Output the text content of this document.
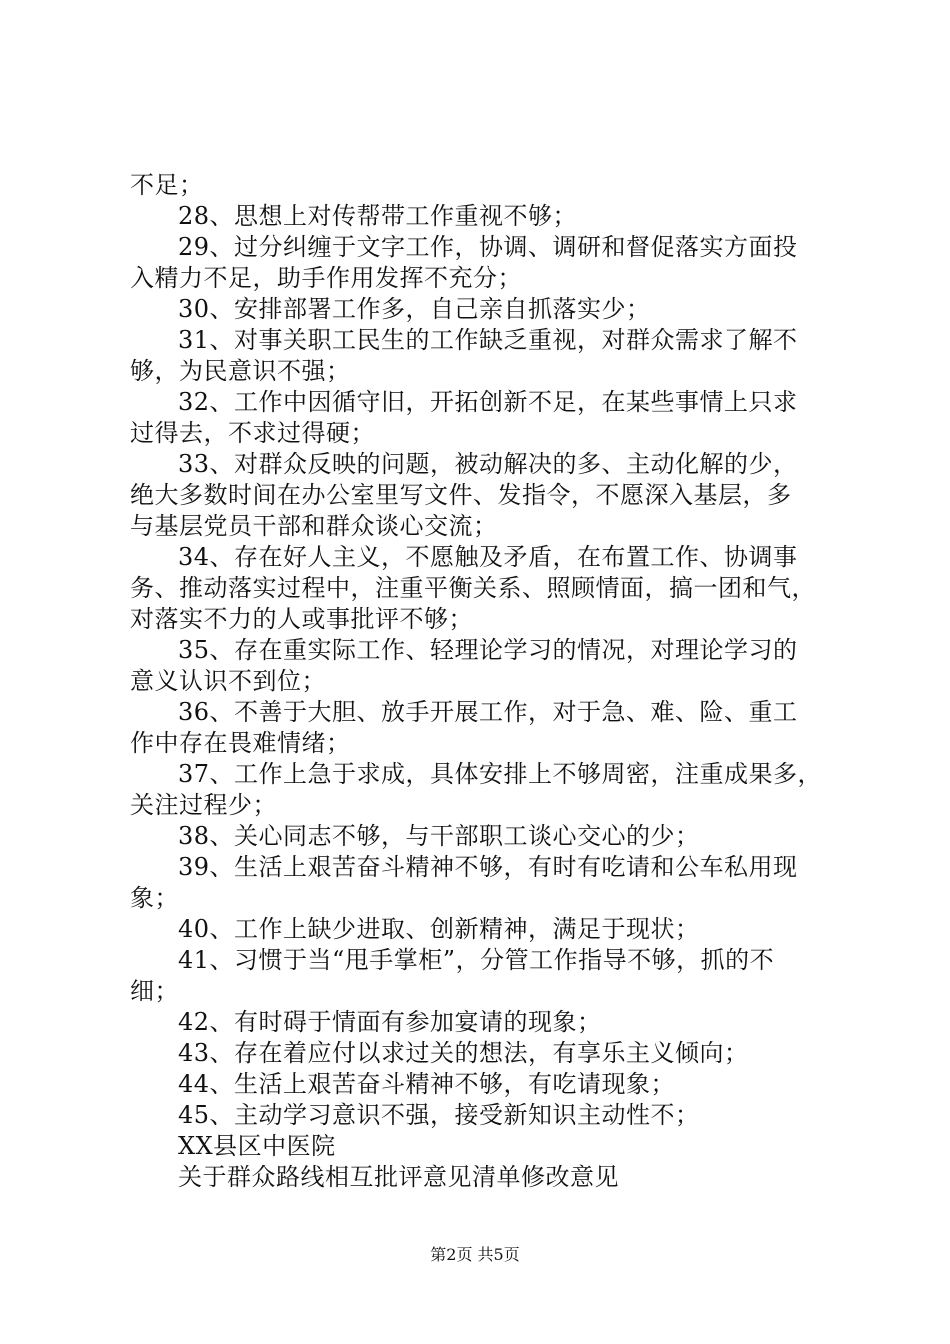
不足；
28、思想上对传帮带工作重视不够；
29、过分纠缠于文字工作，协调、调研和督促落实方面投
入精力不足，助手作用发挥不充分；
30、安排部署工作多，自己亲自抓落实少；
31、对事关职工民生的工作缺乏重视，对群众需求了解不
够，为民意识不强；
32、工作中因循守旧，开拓创新不足，在某些事情上只求
过得去，不求过得硬；
33、对群众反映的问题，被动解决的多、主动化解的少，
绝大多数时间在办公室里写文件、发指令，不愿深入基层，多
与基层党员干部和群众谈心交流；
34、存在好人主义，不愿触及矛盾，在布置工作、协调事
务、推动落实过程中，注重平衡关系、照顾情面，搞一团和气，
对落实不力的人或事批评不够；
35、存在重实际工作、轻理论学习的情况，对理论学习的
意义认识不到位；
36、不善于大胆、放手开展工作，对于急、难、险、重工
作中存在畏难情绪；
37、工作上急于求成，具体安排上不够周密，注重成果多，
关注过程少；
38、关心同志不够，与干部职工谈心交心的少；
39、生活上艰苦奋斗精神不够，有时有吃请和公车私用现
象；
40、工作上缺少进取、创新精神，满足于现状；
41、习惯于当“甩手掌柜”，分管工作指导不够，抓的不
细；
42、有时碍于情面有参加宴请的现象；
43、存在着应付以求过关的想法，有享乐主义倾向；
44、生活上艰苦奋斗精神不够，有吃请现象；
45、主动学习意识不强，接受新知识主动性不；
XX县区中医院
关于群众路线相互批评意见清单修改意见
第2页 共5页
